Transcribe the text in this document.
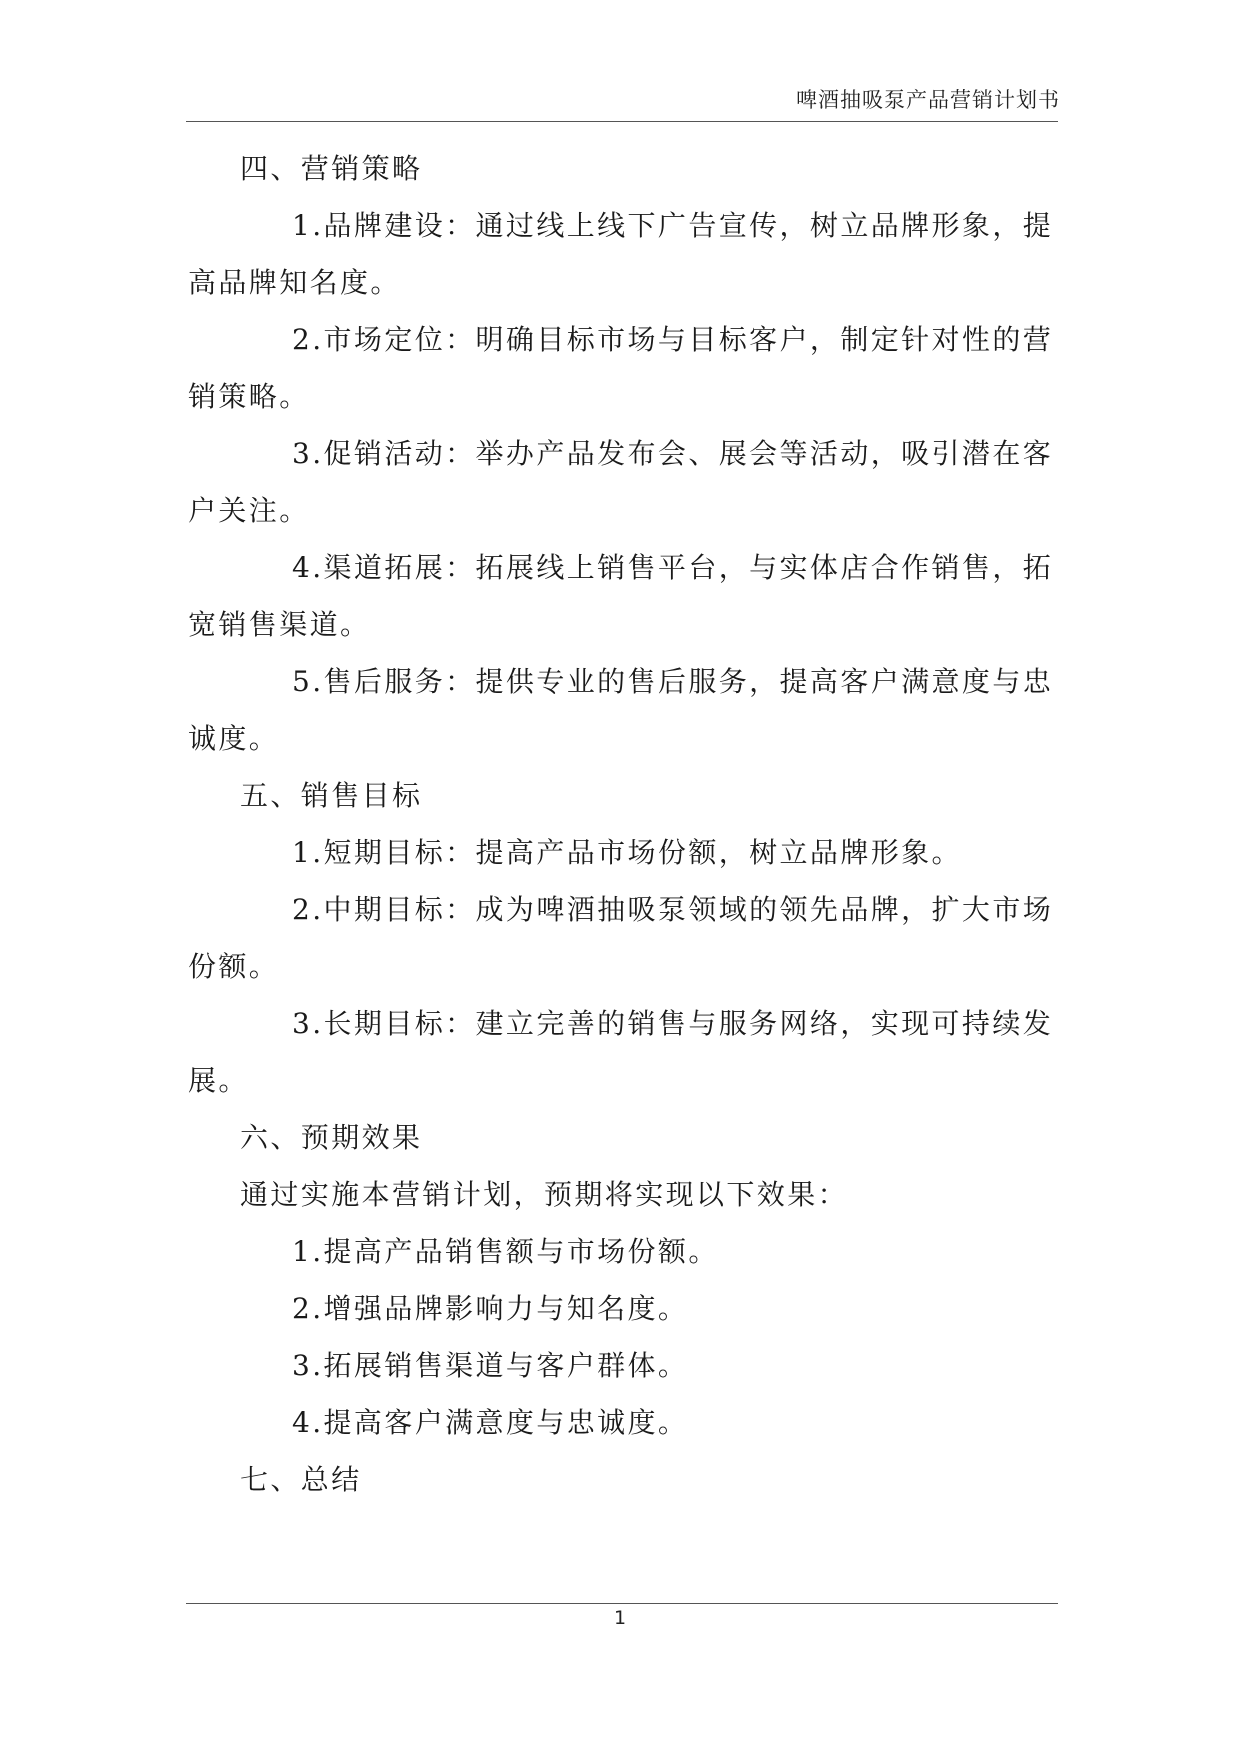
啤酒抽吸泵产品营销计划书

四、营销策略

1.品牌建设：通过线上线下广告宣传，树立品牌形象，提高品牌知名度。

2.市场定位：明确目标市场与目标客户，制定针对性的营销策略。

3.促销活动：举办产品发布会、展会等活动，吸引潜在客户关注。

4.渠道拓展：拓展线上销售平台，与实体店合作销售，拓宽销售渠道。

5.售后服务：提供专业的售后服务，提高客户满意度与忠诚度。

五、销售目标

1.短期目标：提高产品市场份额，树立品牌形象。

2.中期目标：成为啤酒抽吸泵领域的领先品牌，扩大市场份额。

3.长期目标：建立完善的销售与服务网络，实现可持续发展。

六、预期效果

通过实施本营销计划，预期将实现以下效果：

1.提高产品销售额与市场份额。

2.增强品牌影响力与知名度。

3.拓展销售渠道与客户群体。

4.提高客户满意度与忠诚度。

七、总结

1
